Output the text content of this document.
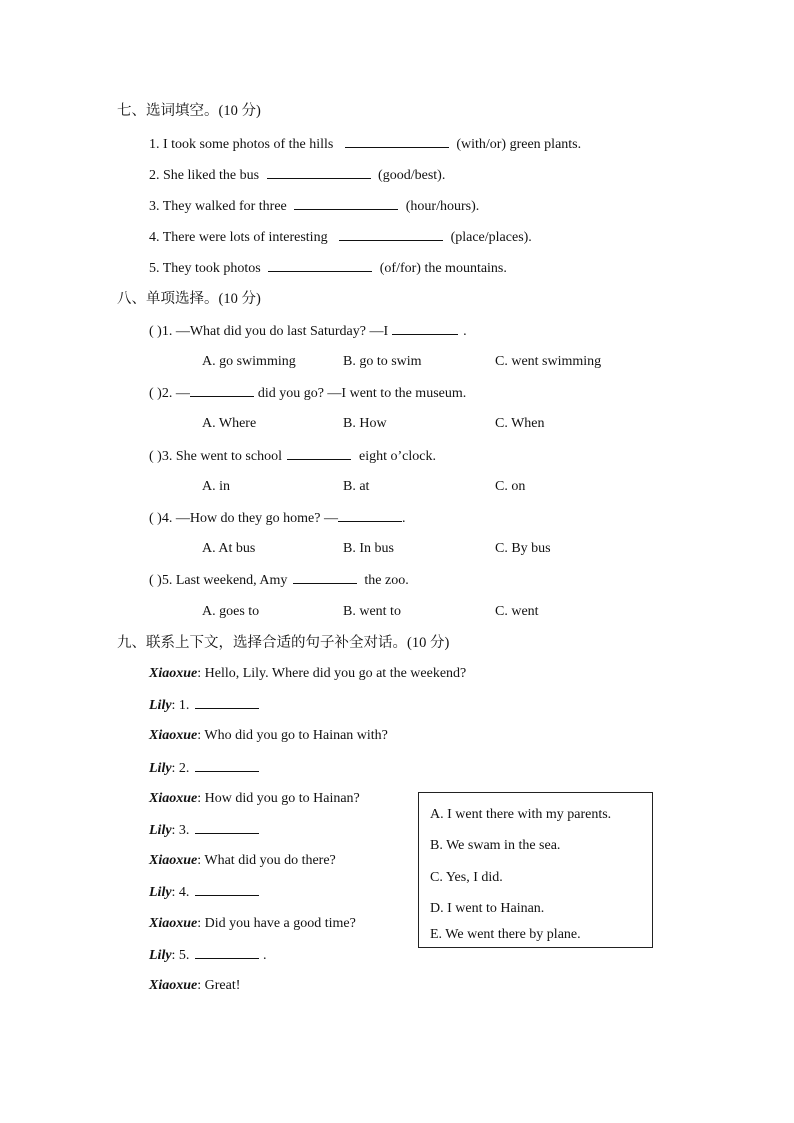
七、选词填空。(10 分)
1. I took some photos of the hills	(with/or) green plants.
2. She liked the bus	(good/best).
3. They walked for three	(hour/hours).
4. There were lots of interesting	(place/places).
5. They took photos	(of/for) the mountains.
八、单项选择。(10 分)
( )1. —What did you do last Saturday? —I	.
A. go swimming	B. go to swim	C. went swimming
( )2. —	did you go? —I went to the museum.
A. Where	B. How	C. When
( )3. She went to school	eight o’clock.
A. in	B. at	C. on
( )4. —How do they go home? —	.
A. At bus	B. In bus	C. By bus
( )5. Last weekend, Amy	the zoo.
A. goes to	B. went to	C. went
九、联系上下文，选择合适的句子补全对话。(10 分)
Xiaoxue: Hello, Lily. Where did you go at the weekend?
Lily: 1.
Xiaoxue: Who did you go to Hainan with?
Lily: 2.
Xiaoxue: How did you go to Hainan?
Lily: 3.
Xiaoxue: What did you do there?
Lily: 4.
Xiaoxue: Did you have a good time?
Lily: 5.	.
Xiaoxue: Great!
A. I went there with my parents.
B. We swam in the sea.
C. Yes, I did.
D. I went to Hainan.
E. We went there by plane.
